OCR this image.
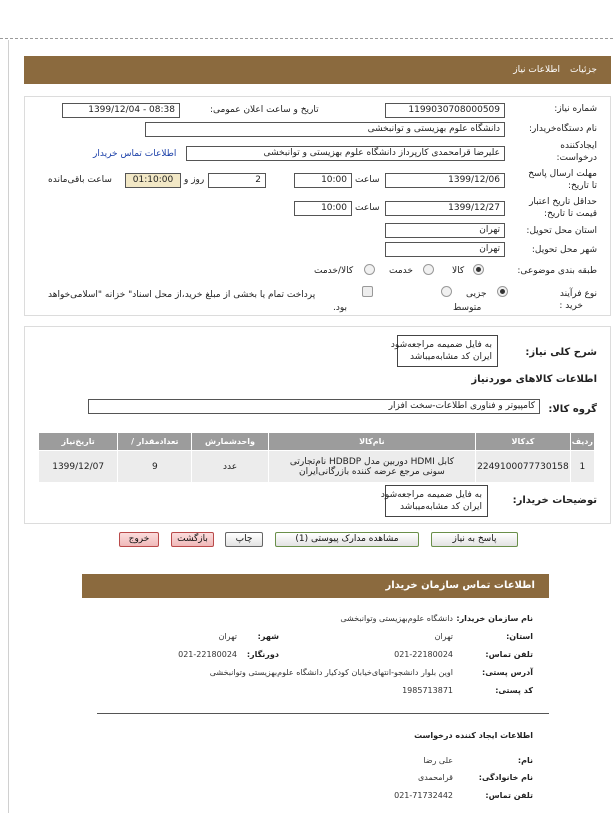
جزئیات
اطلاعات نیاز
شماره نیاز:
1199030708000509
تاریخ و ساعت اعلان عمومی:
1399/12/04 - 08:38
نام دستگاه‌خریدار:
دانشگاه علوم بهزیستی و توانبخشی
ایجادکننده
درخواست:
علیرضا قرامحمدی کارپرداز دانشگاه علوم بهزیستی و توانبخشی
اطلاعات تماس خریدار
مهلت ارسال پاسخ
تا تاریخ:
1399/12/06
ساعت
10:00
2
روز و
01:10:00
ساعت باقی‌مانده
حداقل تاریخ اعتبار
قیمت تا تاریخ:
1399/12/27
ساعت
10:00
استان محل تحویل:
تهران
شهر محل تحویل:
تهران
طبقه بندی موضوعی:
کالا
خدمت
کالا/خدمت
نوع فرآیند
خرید :
جزیی
متوسط
پرداخت تمام یا بخشی از مبلغ خرید،از محل اسناد" خزانه "اسلامی‌خواهد
بود.
شرح کلی نیاز:
به فایل ضمیمه مراجعه‌شود
ایران کد مشابه‌میباشد
اطلاعات کالاهای موردنیاز
گروه کالا:
کامپیوتر و فناوری اطلاعات-سخت افزار
ردیف	کدکالا	نام‌کالا	واحدشمارش	تعدادمقدار /	تاریخ‌نیاز
1	2249100077730158	کابل HDMI دوربین مدل HDBDP نام‌تجارتی
سونی مرجع عرضه کننده بازرگانی‌ایران	عدد	9	1399/12/07
توضیحات خریدار:
به فایل ضمیمه مراجعه‌شود
ایران کد مشابه‌میباشد
پاسخ به نیاز
مشاهده مدارک پیوستی (1)
چاپ
بازگشت
خروج
اطلاعات تماس سازمان خریدار
نام سازمان خریدار:
دانشگاه علوم‌بهزیستی وتوانبخشی
استان:
تهران
شهر:
تهران
تلفن تماس:
021-22180024
دورنگار:
021-22180024
آدرس پستی:
اوین بلوار دانشجو-انتهای‌خیابان کودکیار دانشگاه علوم‌بهزیستی وتوانبخشی
کد پستی:
1985713871
اطلاعات ایجاد کننده درخواست
نام:
علی رضا
نام خانوادگی:
قرامحمدی
تلفن تماس:
021-71732442
